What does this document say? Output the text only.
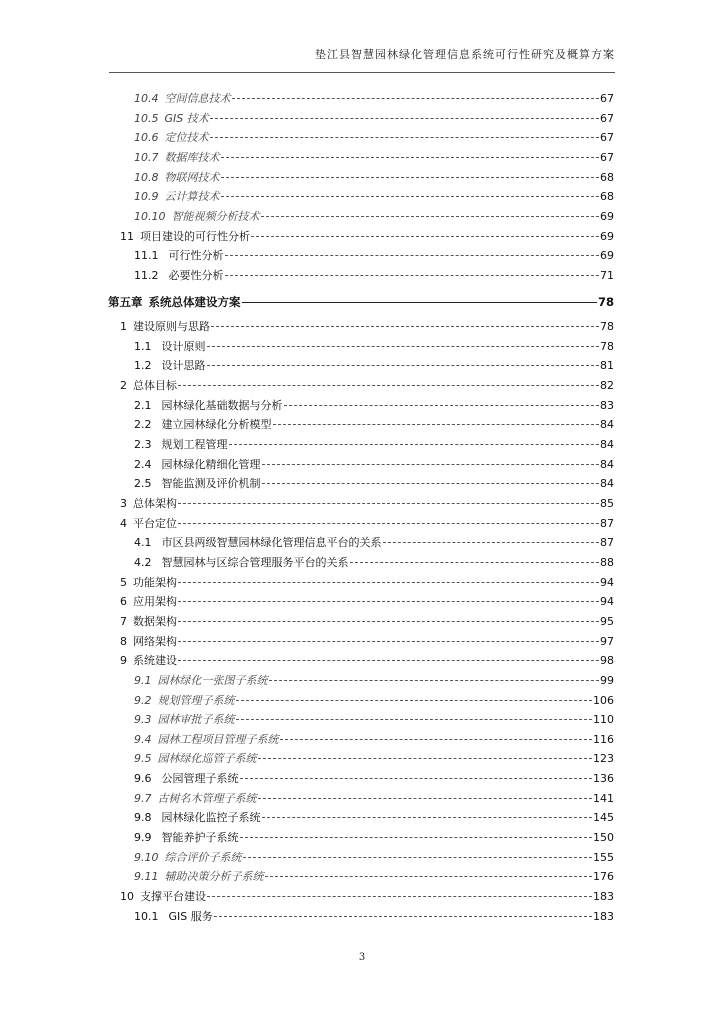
垫江县智慧园林绿化管理信息系统可行性研究及概算方案
10.4 空间信息技术	67
10.5 GIS 技术	67
10.6 定位技术	67
10.7 数据库技术	67
10.8 物联网技术	68
10.9 云计算技术	68
10.10 智能视频分析技术	69
11 项目建设的可行性分析	69
11.1 可行性分析	69
11.2 必要性分析	71
第五章 系统总体建设方案	78
1 建设原则与思路	78
1.1 设计原则	78
1.2 设计思路	81
2 总体目标	82
2.1 园林绿化基础数据与分析	83
2.2 建立园林绿化分析模型	84
2.3 规划工程管理	84
2.4 园林绿化精细化管理	84
2.5 智能监测及评价机制	84
3 总体架构	85
4 平台定位	87
4.1 市区县两级智慧园林绿化管理信息平台的关系	87
4.2 智慧园林与区综合管理服务平台的关系	88
5 功能架构	94
6 应用架构	94
7 数据架构	95
8 网络架构	97
9 系统建设	98
9.1 园林绿化一张图子系统	99
9.2 规划管理子系统	106
9.3 园林审批子系统	110
9.4 园林工程项目管理子系统	116
9.5 园林绿化巡管子系统	123
9.6 公园管理子系统	136
9.7 古树名木管理子系统	141
9.8 园林绿化监控子系统	145
9.9 智能养护子系统	150
9.10 综合评价子系统	155
9.11 辅助决策分析子系统	176
10 支撑平台建设	183
10.1 GIS 服务	183
3
